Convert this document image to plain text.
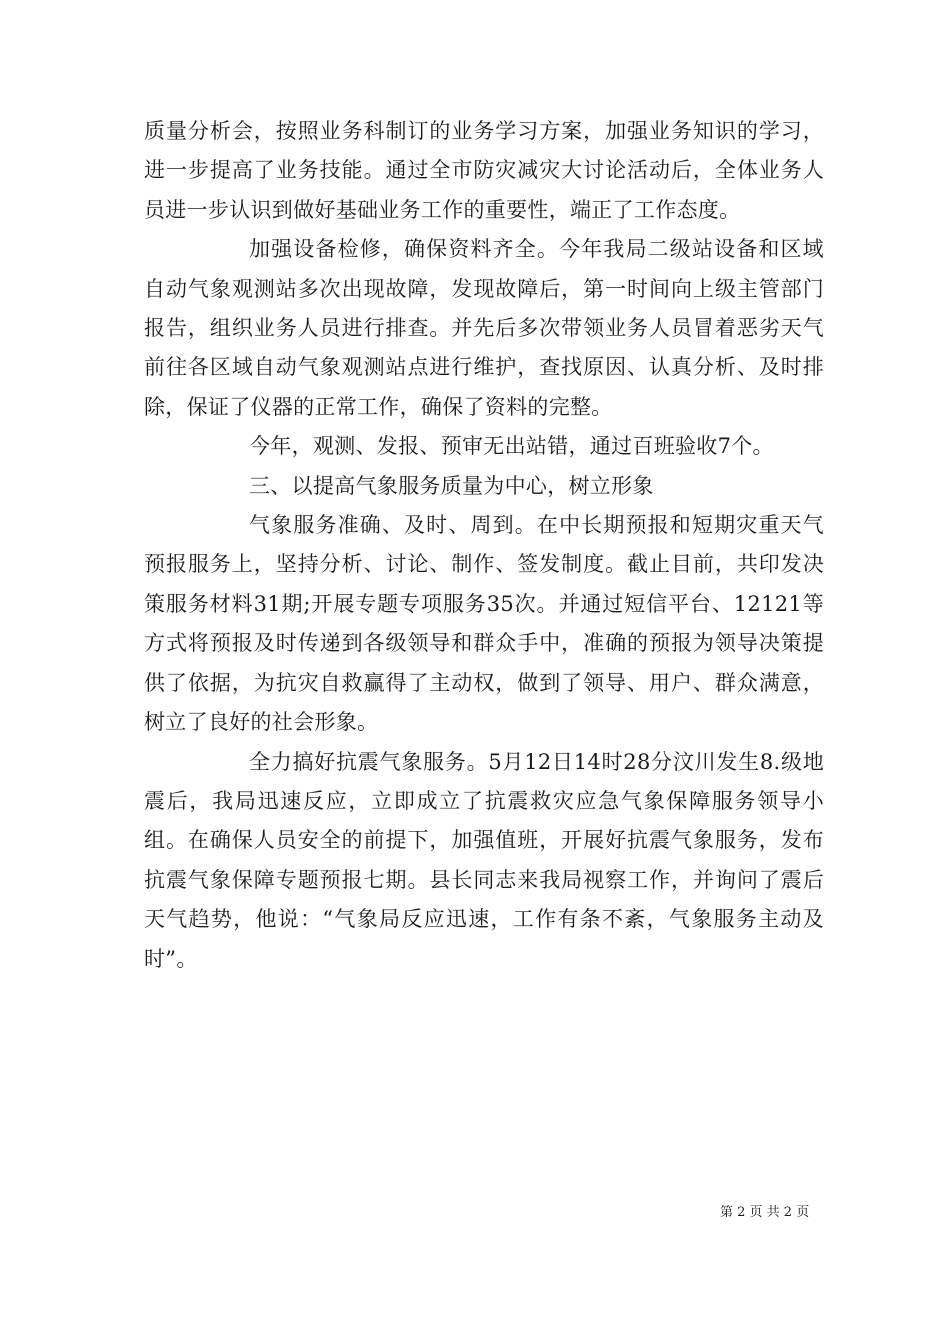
质量分析会，按照业务科制订的业务学习方案，加强业务知识的学习，进一步提高了业务技能。通过全市防灾减灾大讨论活动后，全体业务人员进一步认识到做好基础业务工作的重要性，端正了工作态度。

加强设备检修，确保资料齐全。今年我局二级站设备和区域自动气象观测站多次出现故障，发现故障后，第一时间向上级主管部门报告，组织业务人员进行排查。并先后多次带领业务人员冒着恶劣天气前往各区域自动气象观测站点进行维护，查找原因、认真分析、及时排除，保证了仪器的正常工作，确保了资料的完整。

今年，观测、发报、预审无出站错，通过百班验收7个。

三、以提高气象服务质量为中心，树立形象

气象服务准确、及时、周到。在中长期预报和短期灾重天气预报服务上，坚持分析、讨论、制作、签发制度。截止目前，共印发决策服务材料31期;开展专题专项服务35次。并通过短信平台、12121等方式将预报及时传递到各级领导和群众手中，准确的预报为领导决策提供了依据，为抗灾自救赢得了主动权，做到了领导、用户、群众满意，树立了良好的社会形象。

全力搞好抗震气象服务。5月12日14时28分汶川发生8.级地震后，我局迅速反应，立即成立了抗震救灾应急气象保障服务领导小组。在确保人员安全的前提下，加强值班，开展好抗震气象服务，发布抗震气象保障专题预报七期。县长同志来我局视察工作，并询问了震后天气趋势，他说：“气象局反应迅速，工作有条不紊，气象服务主动及时”。

第 2 页 共 2 页
